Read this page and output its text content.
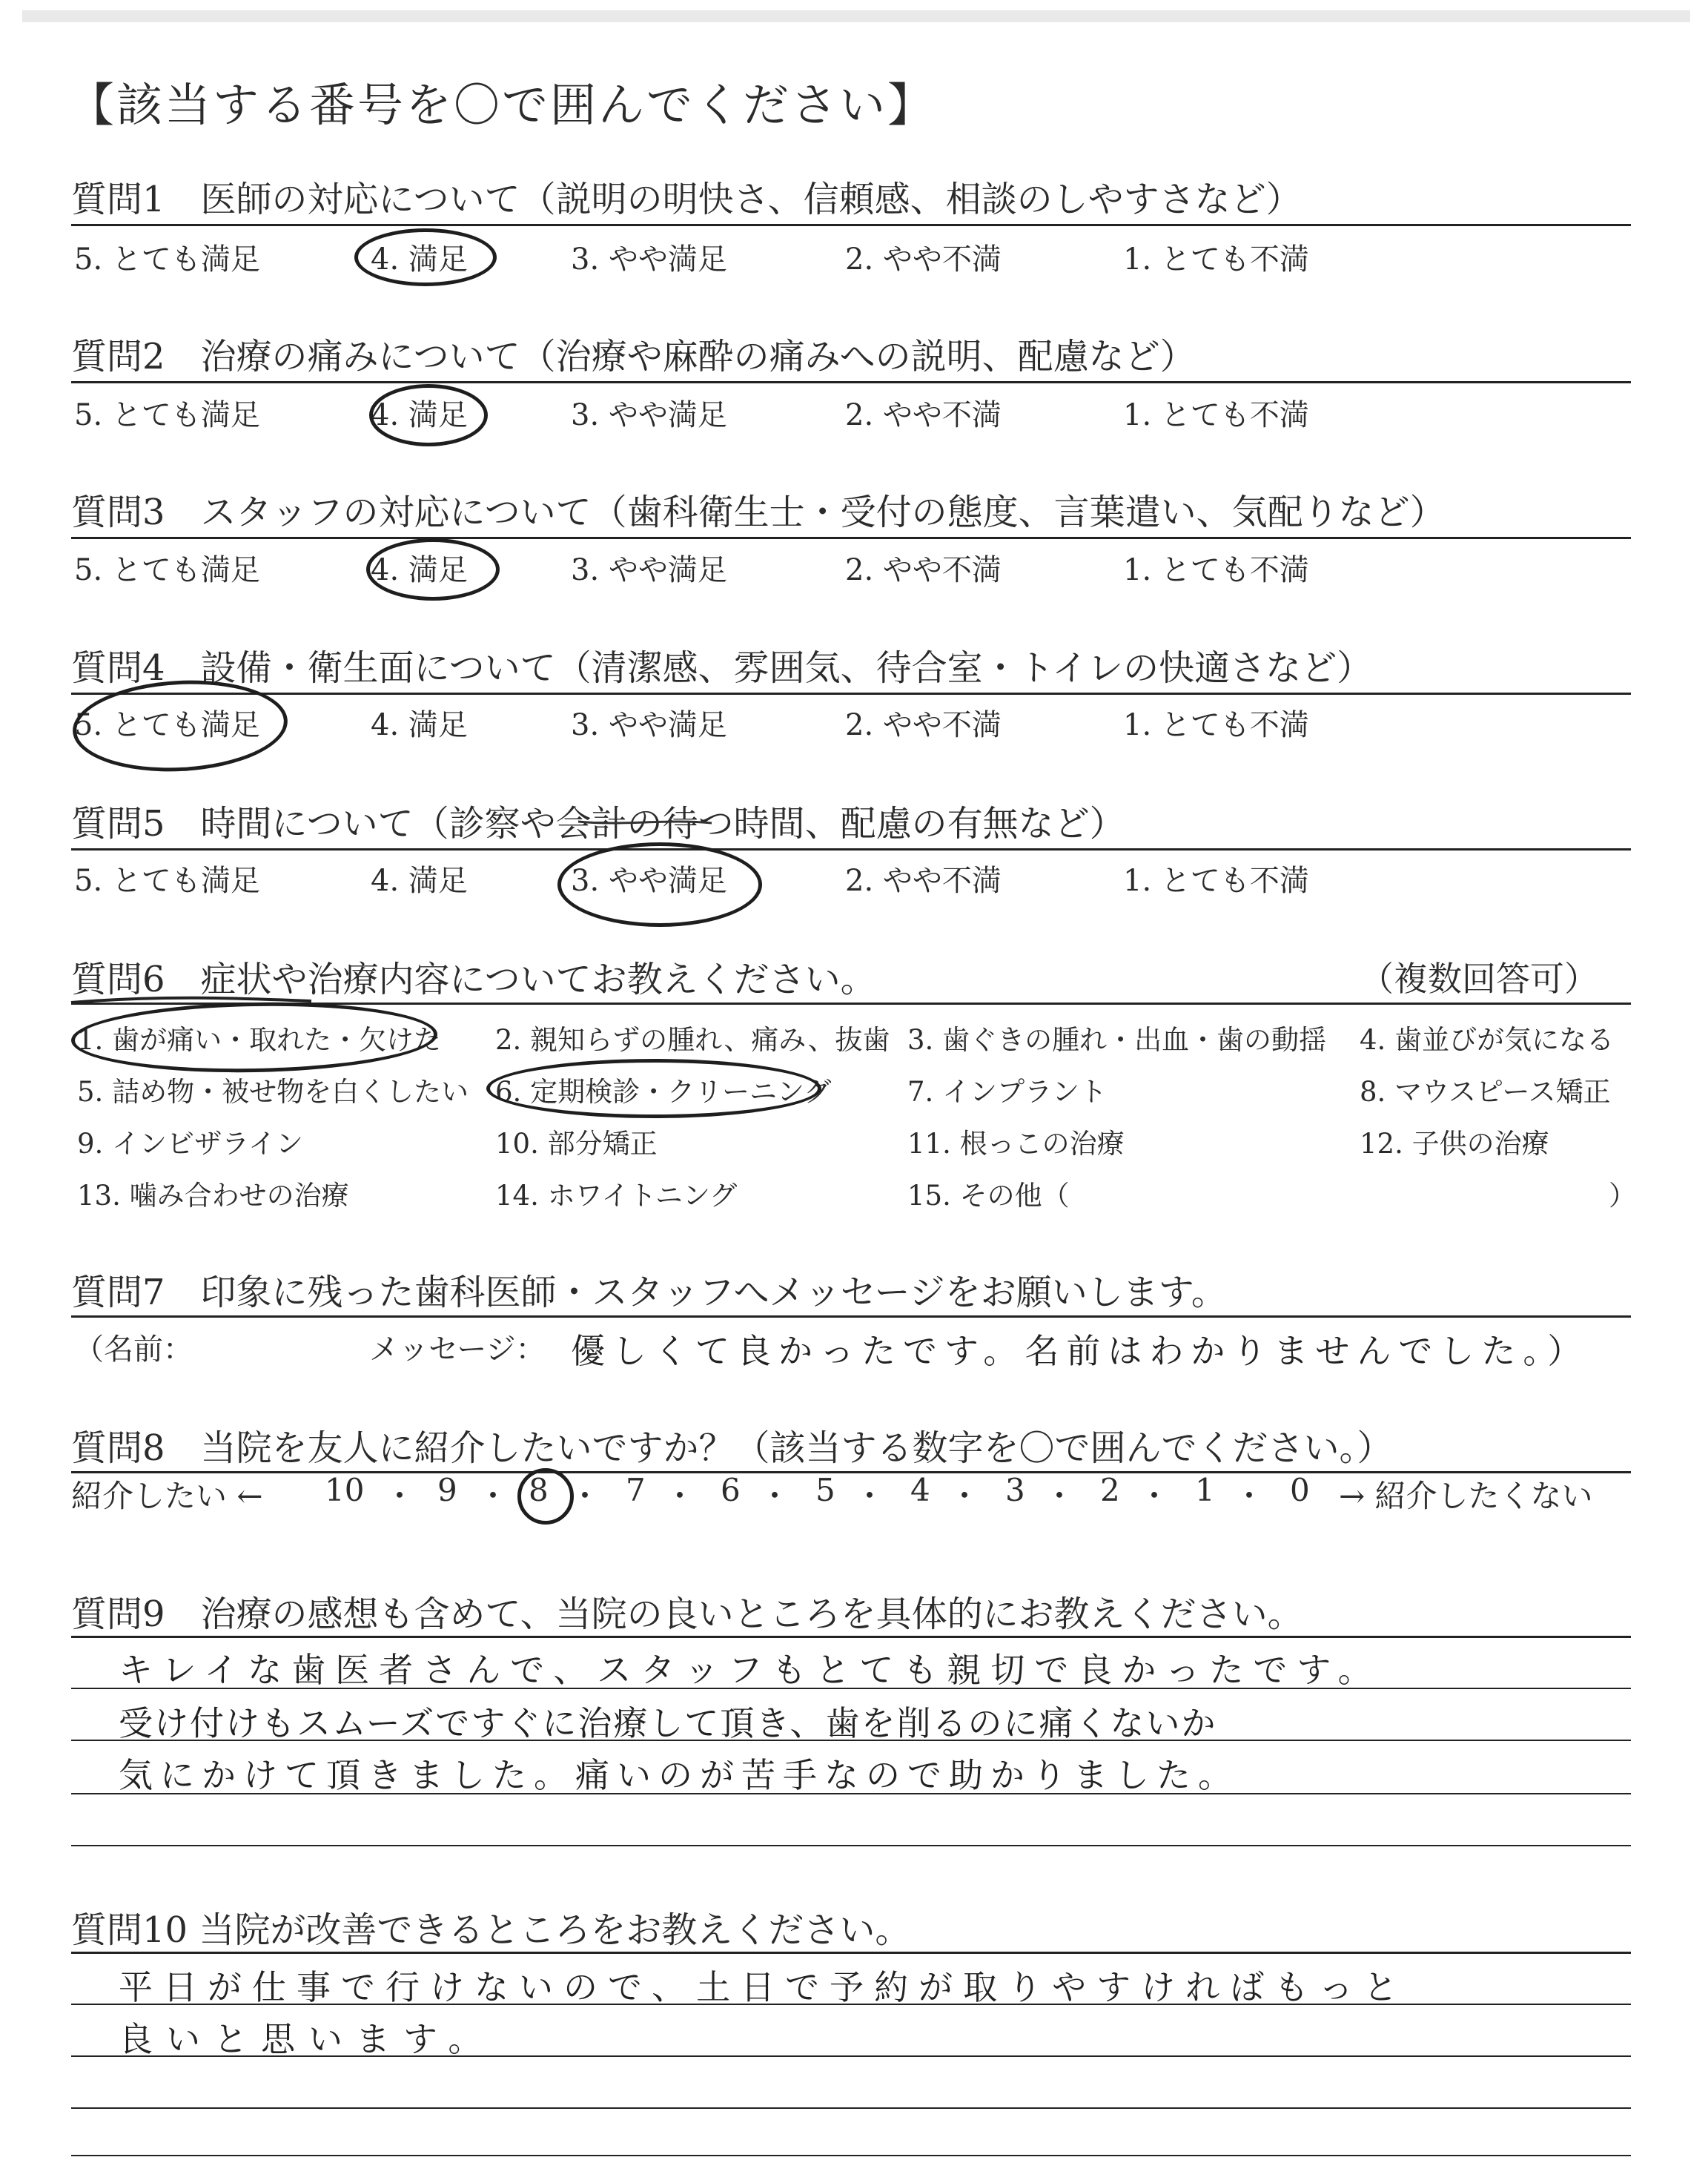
【該当する番号を〇で囲んでください】
質問1　医師の対応について（説明の明快さ、信頼感、相談のしやすさなど）
5. とても満足	4. 満足	3. やや満足	2. やや不満	1. とても不満
質問2　治療の痛みについて（治療や麻酔の痛みへの説明、配慮など）
5. とても満足	4. 満足	3. やや満足	2. やや不満	1. とても不満
質問3　スタッフの対応について（歯科衛生士・受付の態度、言葉遣い、気配りなど）
5. とても満足	4. 満足	3. やや満足	2. やや不満	1. とても不満
質問4　設備・衛生面について（清潔感、雰囲気、待合室・トイレの快適さなど）
5. とても満足	4. 満足	3. やや満足	2. やや不満	1. とても不満
質問5　時間について（診察や会計の待つ時間、配慮の有無など）
5. とても満足	4. 満足	3. やや満足	2. やや不満	1. とても不満
質問6　症状や治療内容についてお教えください。	（複数回答可）
1. 歯が痛い・取れた・欠けた 2. 親知らずの腫れ、痛み、抜歯 3. 歯ぐきの腫れ・出血・歯の動揺 4. 歯並びが気になる
5. 詰め物・被せ物を白くしたい 6. 定期検診・クリーニング	7. インプラント	8. マウスピース矯正
9. インビザライン	10. 部分矯正	11. 根っこの治療	12. 子供の治療
13. 噛み合わせの治療	14. ホワイトニング	15. その他（	）
質問7　印象に残った歯科医師・スタッフへメッセージをお願いします。
（名前：	メッセージ： 優しくて良かったです。名前はわかりませんでした。）
質問8　当院を友人に紹介したいですか？（該当する数字を〇で囲んでください。）
紹介したい ← 10 ・ 9 ・ 8 ・ 7 ・ 6 ・ 5 ・ 4 ・ 3 ・ 2 ・ 1 ・ 0 → 紹介したくない
質問9　治療の感想も含めて、当院の良いところを具体的にお教えください。
キレイな歯医者さんで、スタッフもとても親切で良かったです。
受け付けもスムーズですぐに治療して頂き、歯を削るのに痛くないか
気にかけて頂きました。痛いのが苦手なので助かりました。
質問10 当院が改善できるところをお教えください。
平日が仕事で行けないので、土日で予約が取りやすければもっと
良いと思います。
